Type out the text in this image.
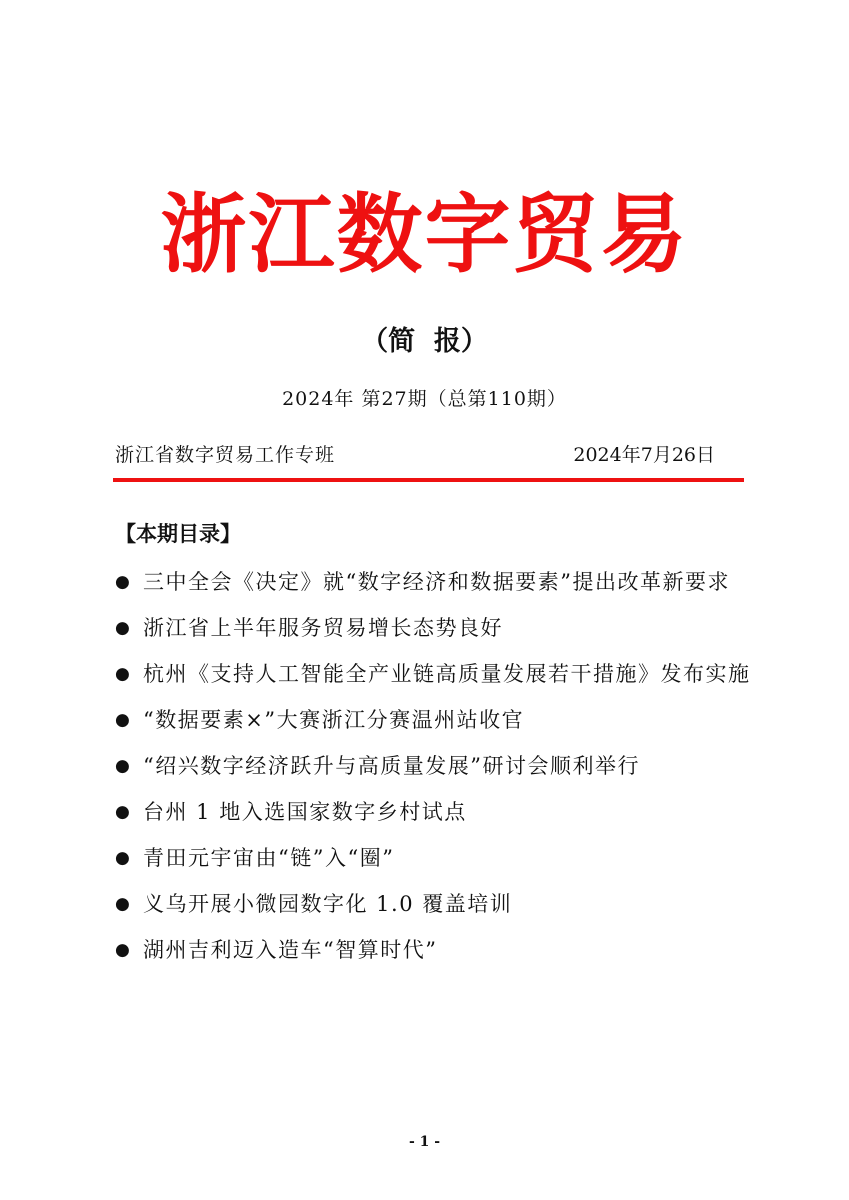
浙江数字贸易
（简  报）
2024年 第27期（总第110期）
浙江省数字贸易工作专班	2024年7月26日
【本期目录】
● 三中全会《决定》就“数字经济和数据要素”提出改革新要求
● 浙江省上半年服务贸易增长态势良好
● 杭州《支持人工智能全产业链高质量发展若干措施》发布实施
● “数据要素×”大赛浙江分赛温州站收官
● “绍兴数字经济跃升与高质量发展”研讨会顺利举行
● 台州 1 地入选国家数字乡村试点
● 青田元宇宙由“链”入“圈”
● 义乌开展小微园数字化 1.0 覆盖培训
● 湖州吉利迈入造车“智算时代”
- 1 -
